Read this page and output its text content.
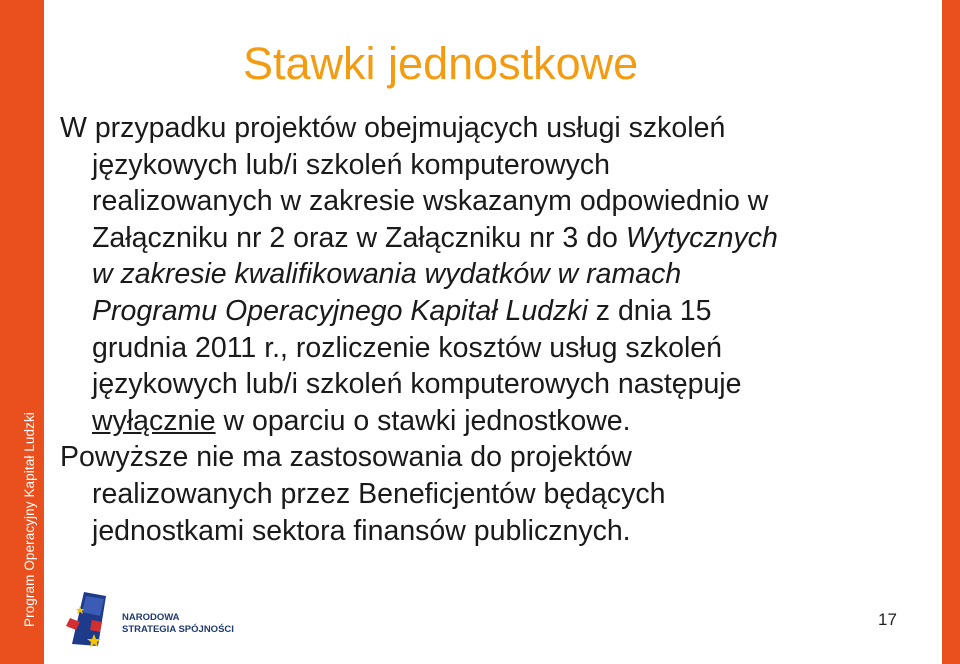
Program Operacyjny Kapitał Ludzki
Stawki jednostkowe
W przypadku projektów obejmujących usługi szkoleń
językowych lub/i szkoleń komputerowych
realizowanych w zakresie wskazanym odpowiednio w
Załączniku nr 2 oraz w Załączniku nr 3 do Wytycznych
w zakresie kwalifikowania wydatków w ramach
Programu Operacyjnego Kapitał Ludzki z dnia 15
grudnia 2011 r., rozliczenie kosztów usług szkoleń
językowych lub/i szkoleń komputerowych następuje
wyłącznie w oparciu o stawki jednostkowe.
Powyższe nie ma zastosowania do projektów
realizowanych przez Beneficjentów będących
jednostkami sektora finansów publicznych.
NARODOWA
STRATEGIA SPÓJNOŚCI
17
